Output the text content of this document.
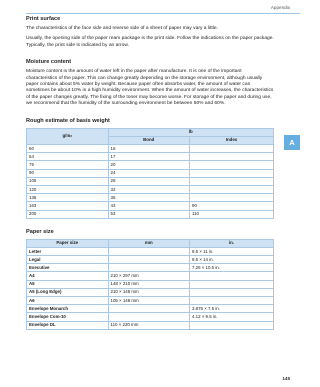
Appendix
A
Print surface

The characteristics of the face side and reverse side of a sheet of paper may vary a little.

Usually, the opening side of the paper ream package is the print side. Follow the indications on the paper package. Typically, the print side is indicated by an arrow.

Moisture content

Moisture content is the amount of water left in the paper after manufacture. It is one of the important characteristics of the paper. This can change greatly depending on the storage environment, although usually paper contains about 5% water by weight. Because paper often absorbs water, the amount of water can sometimes be about 10% in a high humidity environment. When the amount of water increases, the characteristics of the paper changes greatly. The fixing of the toner may become worse. For storage of the paper and during use, we recommend that the humidity of the surrounding environment be between 50% and 60%.

Rough estimate of basis weight
$g/m^2$	lb	
	Bond	Index
60	16	
64	17	
75	20	
90	24	
105	28	
120	32	
135	36	
163	43	90
200	53	110
Paper size
Paper size	mm	in.
Letter		8.5 × 11 in.
Legal		8.5 × 14 in.
Executive		7.25 × 10.5 in.
A4	210 × 297 mm	
A5	148 × 210 mm	
A5 (Long Edge)	210 × 148 mm	
A6	105 × 148 mm	
Envelope Monarch		3.875 × 7.5 in.
Envelope Com-10		4.12 × 9.5 in.
Envelope DL	110 × 220 mm	
145
